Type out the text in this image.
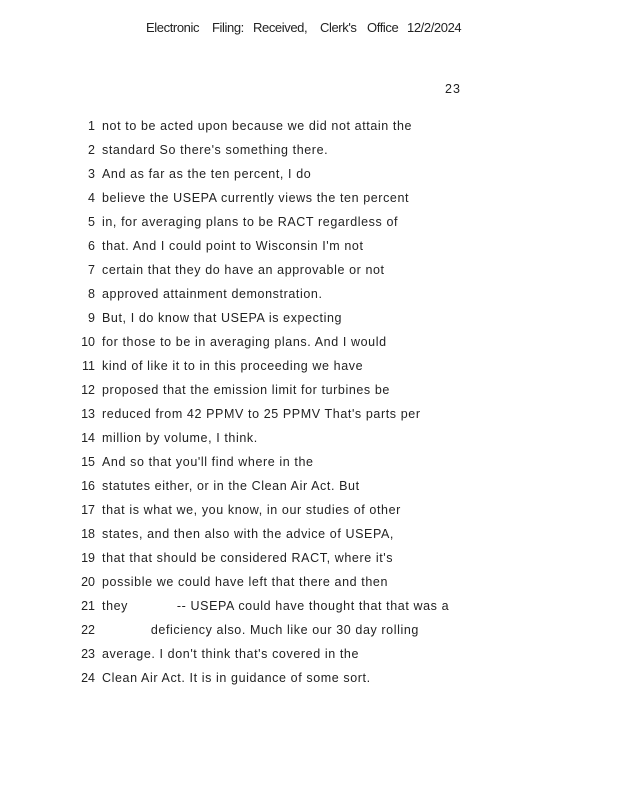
Electronic Filing: Received, Clerk's Office 12/2/2024
23
1 not to be acted upon because we did not attain the
2 standard So there's something there.
3 And as far as the ten percent, I do
4 believe the USEPA currently views the ten percent
5 in, for averaging plans to be RACT regardless of
6 that. And I could point to Wisconsin I'm not
7 certain that they do have an approvable or not
8 approved attainment demonstration.
9 But, I do know that USEPA is expecting
10 for those to be in averaging plans. And I would
11 kind of like it to in this proceeding we have
12 proposed that the emission limit for turbines be
13 reduced from 42 PPMV to 25 PPMV That's parts per
14 million by volume, I think.
15 And so that you'll find where in the
16 statutes either, or in the Clean Air Act. But
17 that is what we, you know, in our studies of other
18 states, and then also with the advice of USEPA,
19 that that should be considered RACT, where it's
20 possible we could have left that there and then
21 they            -- USEPA could have thought that that was a
22 deficiency also. Much like our 30 day rolling
23 average. I don't think that's covered in the
24 Clean Air Act. It is in guidance of some sort.
